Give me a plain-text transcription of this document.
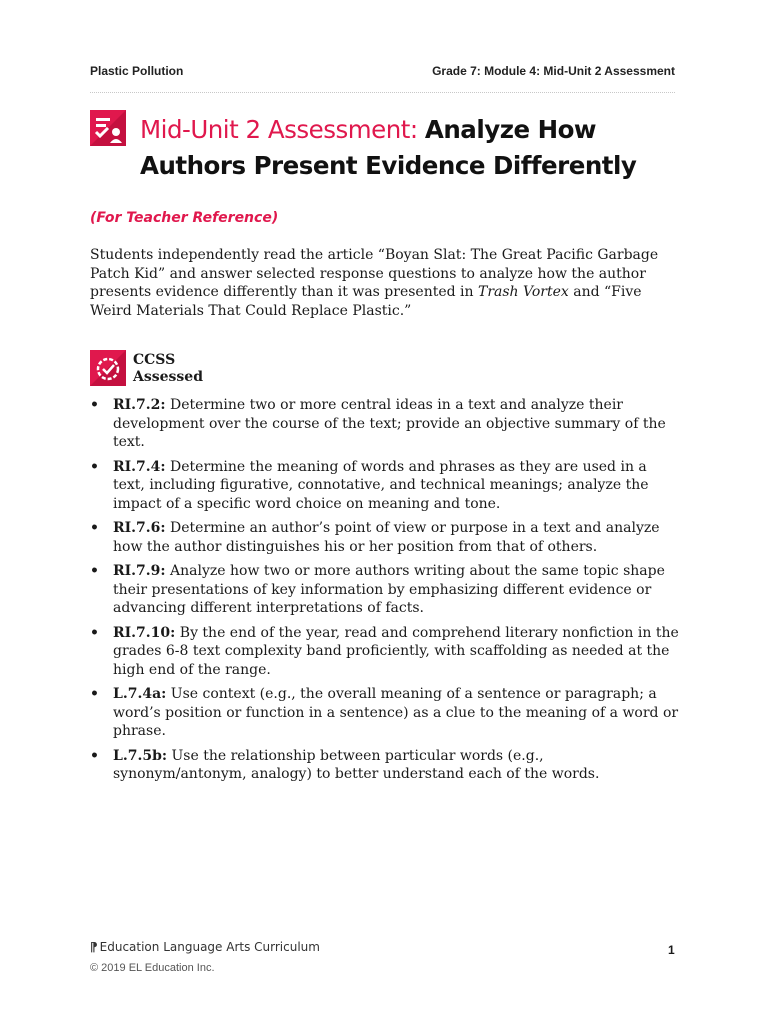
Plastic Pollution	Grade 7: Module 4: Mid-Unit 2 Assessment
Mid-Unit 2 Assessment: Analyze How Authors Present Evidence Differently
(For Teacher Reference)

Students independently read the article “Boyan Slat: The Great Pacific Garbage Patch Kid” and answer selected response questions to analyze how the author presents evidence differently than it was presented in Trash Vortex and “Five Weird Materials That Could Replace Plastic.”

CCSS
Assessed
• RI.7.2: Determine two or more central ideas in a text and analyze their development over the course of the text; provide an objective summary of the text.
• RI.7.4: Determine the meaning of words and phrases as they are used in a text, including figurative, connotative, and technical meanings; analyze the impact of a specific word choice on meaning and tone.
• RI.7.6: Determine an author’s point of view or purpose in a text and analyze how the author distinguishes his or her position from that of others.
• RI.7.9: Analyze how two or more authors writing about the same topic shape their presentations of key information by emphasizing different evidence or advancing different interpretations of facts.
• RI.7.10: By the end of the year, read and comprehend literary nonfiction in the grades 6-8 text complexity band proficiently, with scaffolding as needed at the high end of the range.
• L.7.4a: Use context (e.g., the overall meaning of a sentence or paragraph; a word’s position or function in a sentence) as a clue to the meaning of a word or phrase.
• L.7.5b: Use the relationship between particular words (e.g., synonym/antonym, analogy) to better understand each of the words.
⁋ Education Language Arts Curriculum
© 2019 EL Education Inc.
1
